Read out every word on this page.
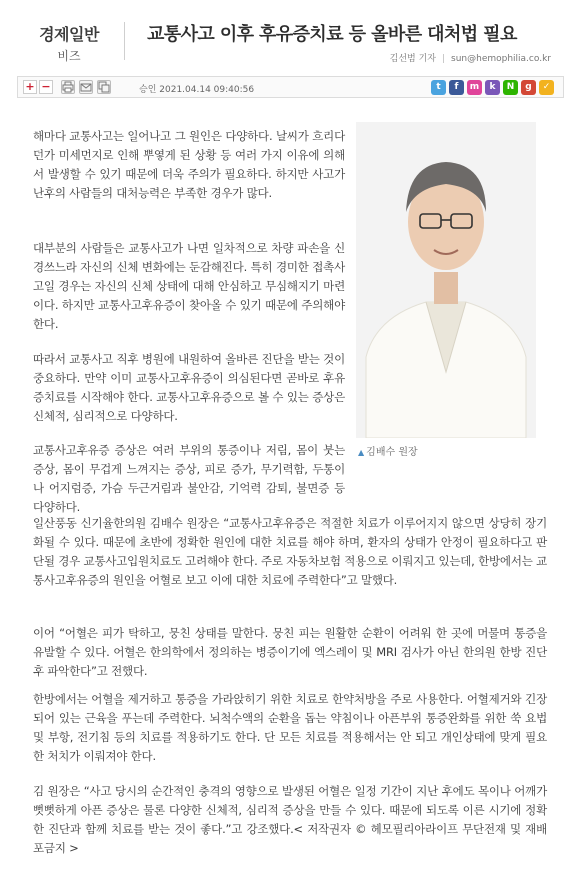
경제일반
비즈
교통사고 이후 후유증치료 등 올바른 대처법 필요
김선범 기자 | sun@hemophilia.co.kr
+ −	승인 2021.04.14 09:40:56	t	f	m	k	N	g	✓
▲ 김배수 원장

해마다 교통사고는 일어나고 그 원인은 다양하다. 날씨가 흐리다던가 미세먼지로 인해 뿌옇게 된 상황 등 여러 가지 이유에 의해서 발생할 수 있기 때문에 더욱 주의가 필요하다. 하지만 사고가 난후의 사람들의 대처능력은 부족한 경우가 많다.

대부분의 사람들은 교통사고가 나면 일차적으로 차량 파손을 신경쓰느라 자신의 신체 변화에는 둔감해진다. 특히 경미한 접촉사고일 경우는 자신의 신체 상태에 대해 안심하고 무심해지기 마련이다. 하지만 교통사고후유증이 찾아올 수 있기 때문에 주의해야 한다.

따라서 교통사고 직후 병원에 내원하여 올바른 진단을 받는 것이 중요하다. 만약 이미 교통사고후유증이 의심된다면 곧바로 후유증치료를 시작해야 한다. 교통사고후유증으로 볼 수 있는 증상은 신체적, 심리적으로 다양하다.

교통사고후유증 증상은 여러 부위의 통증이나 저림, 몸이 붓는 증상, 몸이 무겁게 느껴지는 증상, 피로 증가, 무기력함, 두통이나 어지럼증, 가슴 두근거림과 불안감, 기억력 감퇴, 불면증 등 다양하다.

일산풍동 신기율한의원 김배수 원장은 “교통사고후유증은 적절한 치료가 이루어지지 않으면 상당히 장기화될 수 있다. 때문에 초반에 정확한 원인에 대한 치료를 해야 하며, 환자의 상태가 안정이 필요하다고 판단될 경우 교통사고입원치료도 고려해야 한다. 주로 자동차보험 적용으로 이뤄지고 있는데, 한방에서는 교통사고후유증의 원인을 어혈로 보고 이에 대한 치료에 주력한다”고 말했다.

이어 “어혈은 피가 탁하고, 뭉친 상태를 말한다. 뭉친 피는 원활한 순환이 어려워 한 곳에 머물며 통증을 유발할 수 있다. 어혈은 한의학에서 정의하는 병증이기에 엑스레이 및 MRI 검사가 아닌 한의원 한방 진단 후 파악한다”고 전했다.

한방에서는 어혈을 제거하고 통증을 가라앉히기 위한 치료로 한약처방을 주로 사용한다. 어혈제거와 긴장되어 있는 근육을 푸는데 주력한다. 뇌척수액의 순환을 돕는 약침이나 아픈부위 통증완화를 위한 쑥 요법 및 부항, 전기침 등의 치료를 적용하기도 한다. 단 모든 치료를 적용해서는 안 되고 개인상태에 맞게 필요한 처치가 이뤄져야 한다.

김 원장은 “사고 당시의 순간적인 충격의 영향으로 발생된 어혈은 일정 기간이 지난 후에도 목이나 어깨가 뻣뻣하게 아픈 증상은 물론 다양한 신체적, 심리적 증상을 만들 수 있다. 때문에 되도록 이른 시기에 정확한 진단과 함께 치료를 받는 것이 좋다.”고 강조했다.< 저작권자 © 헤모필리아라이프 무단전재 및 재배포금지 >
